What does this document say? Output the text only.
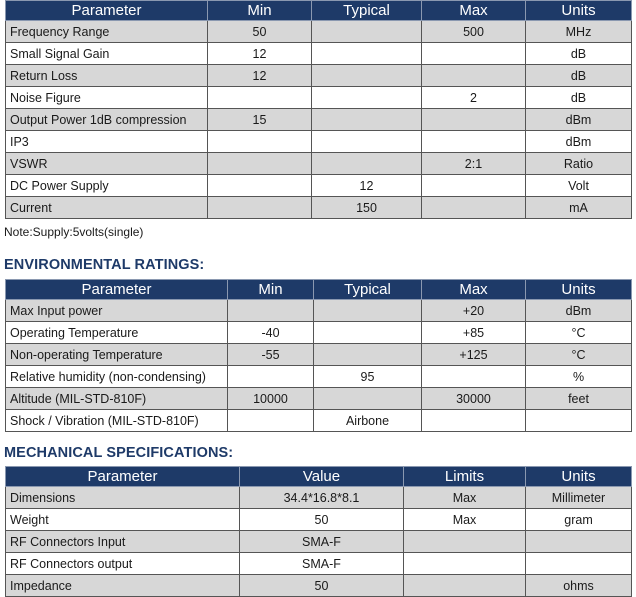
Parameter	Min	Typical	Max	Units
Frequency Range	50		500	MHz
Small Signal Gain	12			dB
Return Loss	12			dB
Noise Figure			2	dB
Output Power 1dB compression	15			dBm
IP3				dBm
VSWR			2:1	Ratio
DC Power Supply		12		Volt
Current		150		mA
Note:Supply:5volts(single)
ENVIRONMENTAL RATINGS:
Parameter	Min	Typical	Max	Units
Max Input power			+20	dBm
Operating Temperature	-40		+85	°C
Non-operating Temperature	-55		+125	°C
Relative humidity (non-condensing)		95		%
Altitude (MIL-STD-810F)	10000		30000	feet
Shock / Vibration (MIL-STD-810F)		Airbone		
MECHANICAL SPECIFICATIONS:
Parameter	Value	Limits	Units
Dimensions	34.4*16.8*8.1	Max	Millimeter
Weight	50	Max	gram
RF Connectors Input	SMA-F		
RF Connectors output	SMA-F		
Impedance	50		ohms
